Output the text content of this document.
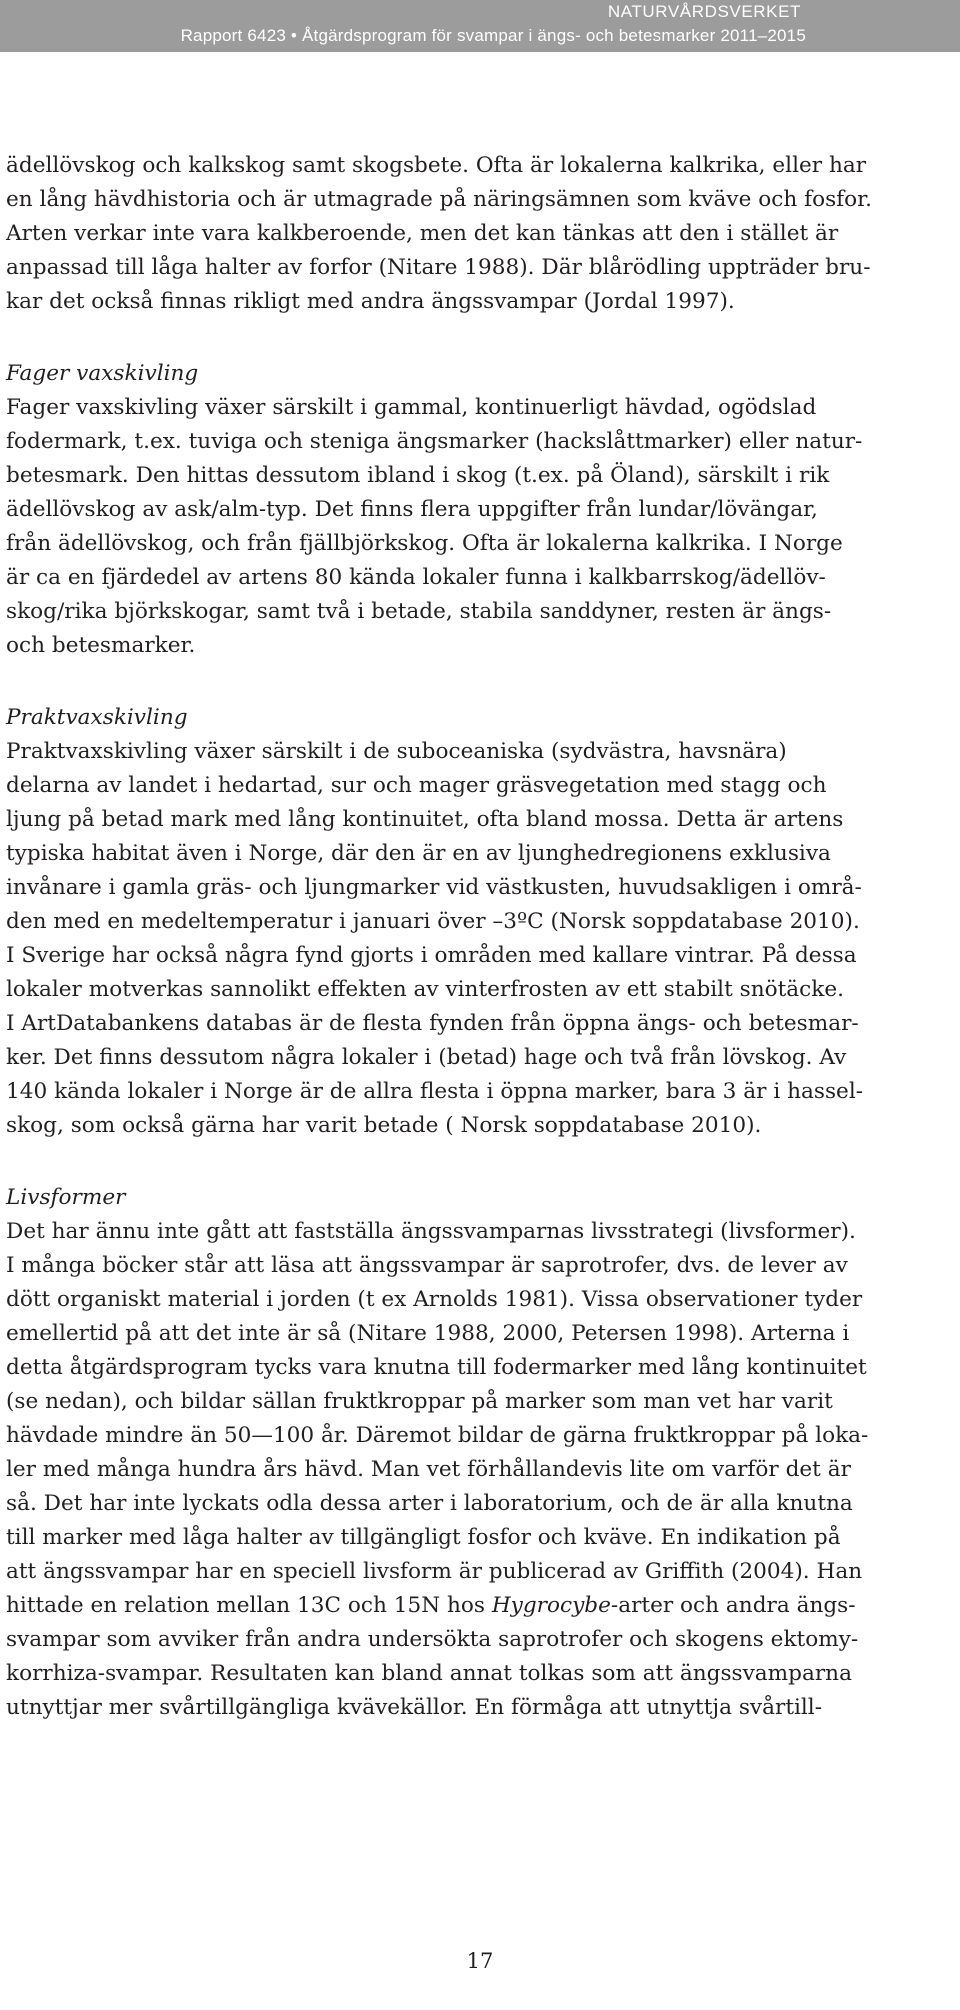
NATURVÅRDSVERKET
Rapport 6423 • Åtgärdsprogram för svampar i ängs- och betesmarker 2011–2015

ädellövskog och kalkskog samt skogsbete. Ofta är lokalerna kalkrika, eller har
en lång hävdhistoria och är utmagrade på näringsämnen som kväve och fosfor.
Arten verkar inte vara kalkberoende, men det kan tänkas att den i stället är
anpassad till låga halter av forfor (Nitare 1988). Där blårödling uppträder bru-
kar det också finnas rikligt med andra ängssvampar (Jordal 1997).

Fager vaxskivling

Fager vaxskivling växer särskilt i gammal, kontinuerligt hävdad, ogödslad
fodermark, t.ex. tuviga och steniga ängsmarker (hackslåttmarker) eller natur-
betesmark. Den hittas dessutom ibland i skog (t.ex. på Öland), särskilt i rik
ädellövskog av ask/alm-typ. Det finns flera uppgifter från lundar/lövängar,
från ädellövskog, och från fjällbjörkskog. Ofta är lokalerna kalkrika. I Norge
är ca en fjärdedel av artens 80 kända lokaler funna i kalkbarrskog/ädellöv-
skog/rika björkskogar, samt två i betade, stabila sanddyner, resten är ängs-
och betesmarker.

Praktvaxskivling

Praktvaxskivling växer särskilt i de suboceaniska (sydvästra, havsnära)
delarna av landet i hedartad, sur och mager gräsvegetation med stagg och
ljung på betad mark med lång kontinuitet, ofta bland mossa. Detta är artens
typiska habitat även i Norge, där den är en av ljunghedregionens exklusiva
invånare i gamla gräs- och ljungmarker vid västkusten, huvudsakligen i områ-
den med en medeltemperatur i januari över –3ºC (Norsk soppdatabase 2010).
I Sverige har också några fynd gjorts i områden med kallare vintrar. På dessa
lokaler motverkas sannolikt effekten av vinterfrosten av ett stabilt snötäcke.
I ArtDatabankens databas är de flesta fynden från öppna ängs- och betesmar-
ker. Det finns dessutom några lokaler i (betad) hage och två från lövskog. Av
140 kända lokaler i Norge är de allra flesta i öppna marker, bara 3 är i hassel-
skog, som också gärna har varit betade ( Norsk soppdatabase 2010).

Livsformer

Det har ännu inte gått att fastställa ängssvamparnas livsstrategi (livsformer).
I många böcker står att läsa att ängssvampar är saprotrofer, dvs. de lever av
dött organiskt material i jorden (t ex Arnolds 1981). Vissa observationer tyder
emellertid på att det inte är så (Nitare 1988, 2000, Petersen 1998). Arterna i
detta åtgärdsprogram tycks vara knutna till fodermarker med lång kontinuitet
(se nedan), och bildar sällan fruktkroppar på marker som man vet har varit
hävdade mindre än 50—100 år. Däremot bildar de gärna fruktkroppar på loka-
ler med många hundra års hävd. Man vet förhållandevis lite om varför det är
så. Det har inte lyckats odla dessa arter i laboratorium, och de är alla knutna
till marker med låga halter av tillgängligt fosfor och kväve. En indikation på
att ängssvampar har en speciell livsform är publicerad av Griffith (2004). Han
hittade en relation mellan 13C och 15N hos Hygrocybe-arter och andra ängs-
svampar som avviker från andra undersökta saprotrofer och skogens ektomy-
korrhiza-svampar. Resultaten kan bland annat tolkas som att ängssvamparna
utnyttjar mer svårtillgängliga kvävekällor. En förmåga att utnyttja svårtill-

17
